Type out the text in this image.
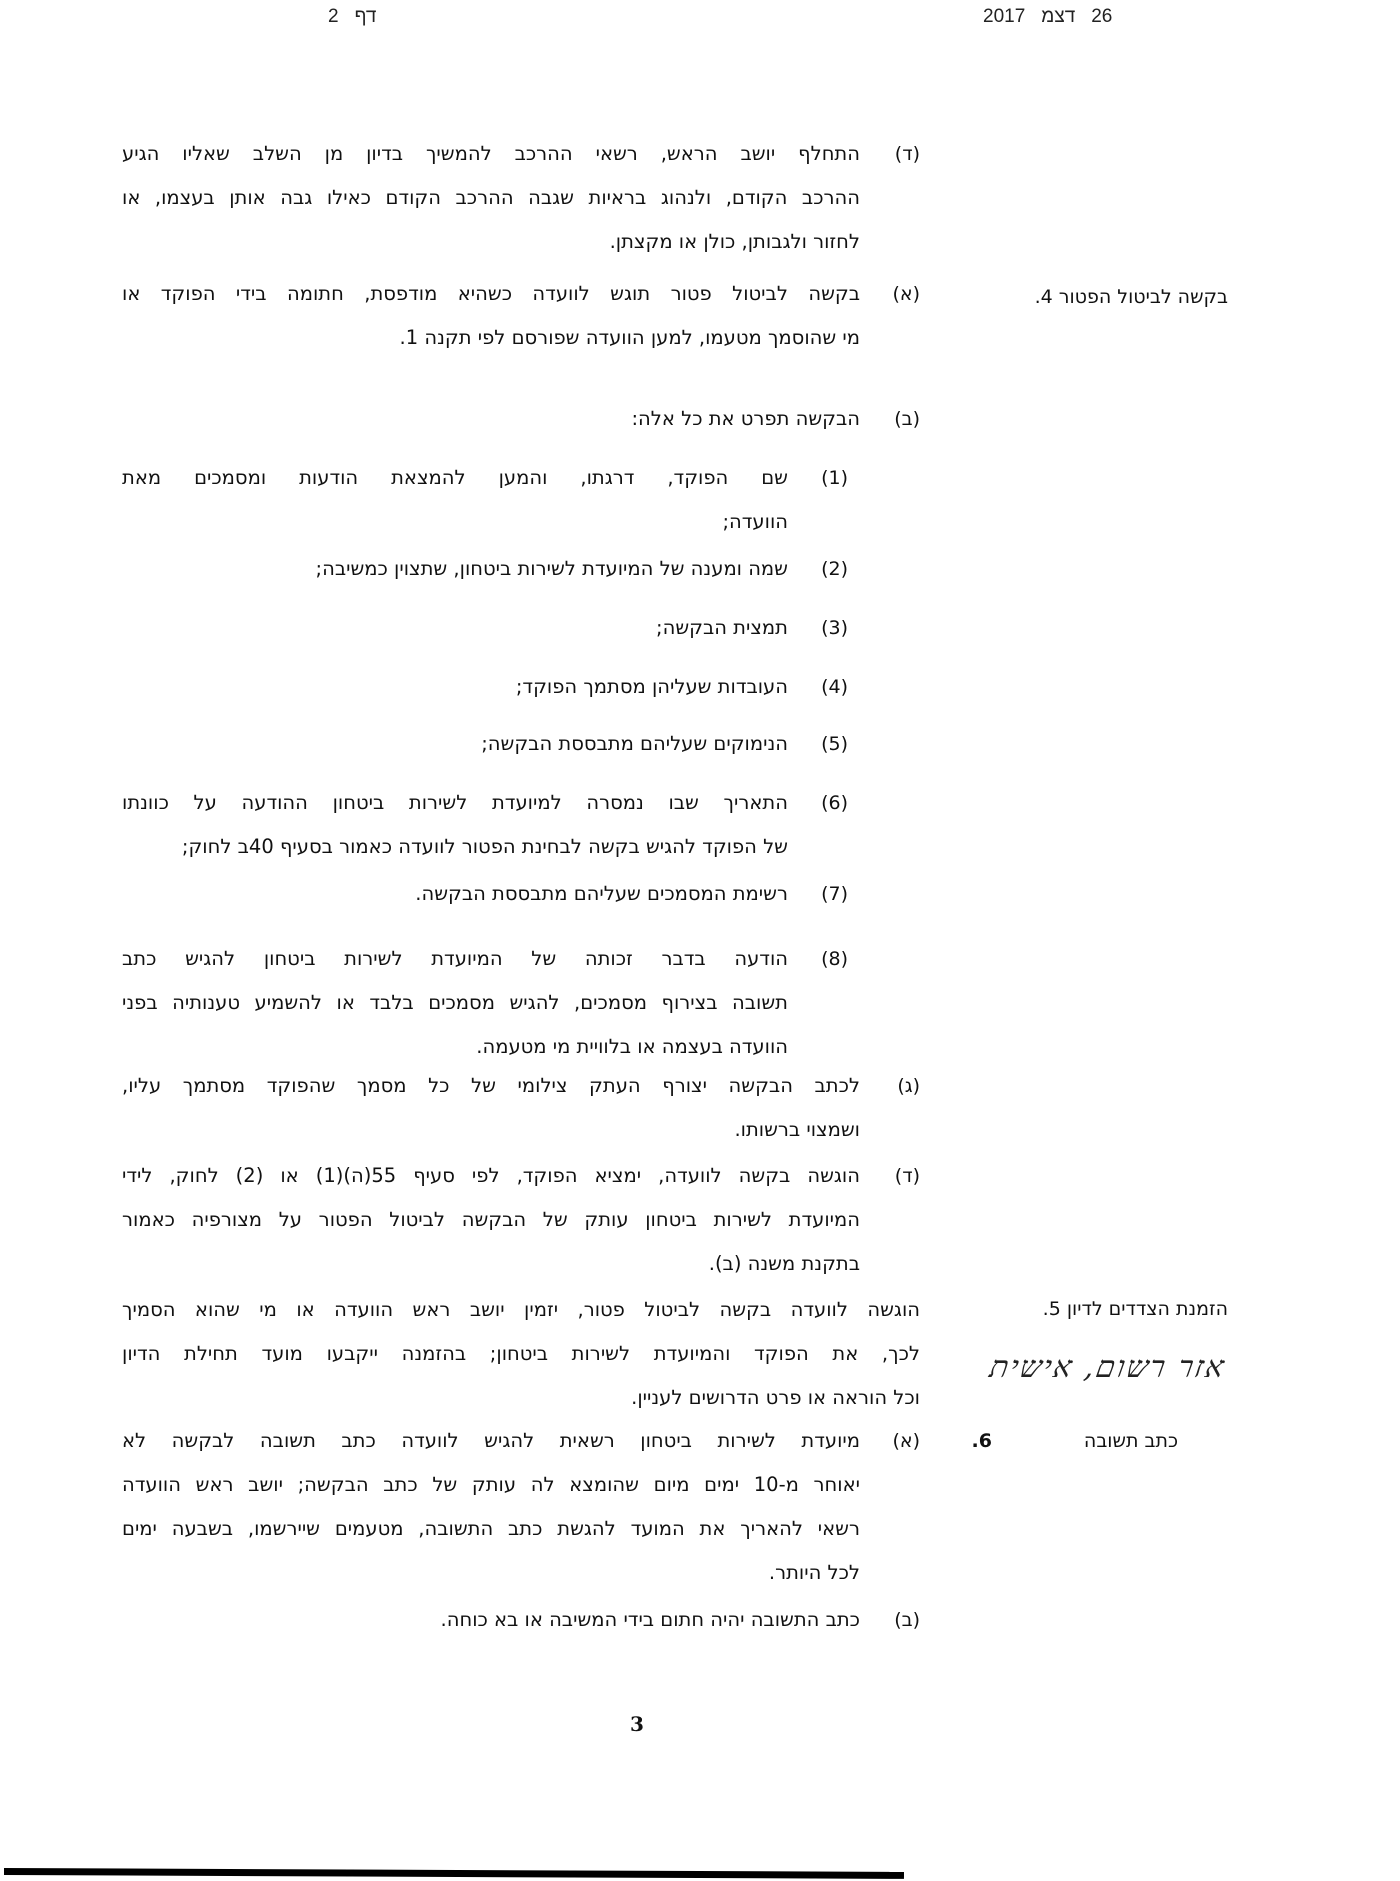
26דצמ2017
דף2
(ד)
התחלף יושב הראש, רשאי ההרכב להמשיך בדיון מן השלב שאליו הגיע
ההרכב הקודם, ולנהוג בראיות שגבה ההרכב הקודם כאילו גבה אותן בעצמו, או
לחזור ולגבותן, כולן או מקצתן.
בקשה לביטול הפטור 4.
(א)
בקשה לביטול פטור תוגש לוועדה כשהיא מודפסת, חתומה בידי הפוקד או
מי שהוסמך מטעמו, למען הוועדה שפורסם לפי תקנה 1.
(ב)
הבקשה תפרט את כל אלה:
(1)
שם הפוקד, דרגתו, והמען להמצאת הודעות ומסמכים מאת
הוועדה;
(2)
שמה ומענה של המיועדת לשירות ביטחון, שתצוין כמשיבה;
(3)
תמצית הבקשה;
(4)
העובדות שעליהן מסתמך הפוקד;
(5)
הנימוקים שעליהם מתבססת הבקשה;
(6)
התאריך שבו נמסרה למיועדת לשירות ביטחון ההודעה על כוונתו
של הפוקד להגיש בקשה לבחינת הפטור לוועדה כאמור בסעיף 40ב לחוק;
(7)
רשימת המסמכים שעליהם מתבססת הבקשה.
(8)
הודעה בדבר זכותה של המיועדת לשירות ביטחון להגיש כתב
תשובה בצירוף מסמכים, להגיש מסמכים בלבד או להשמיע טענותיה בפני
הוועדה בעצמה או בלוויית מי מטעמה.
(ג)
לכתב הבקשה יצורף העתק צילומי של כל מסמך שהפוקד מסתמך עליו,
ושמצוי ברשותו.
(ד)
הוגשה בקשה לוועדה, ימציא הפוקד, לפי סעיף 55(ה)(1) או (2) לחוק, לידי
המיועדת לשירות ביטחון עותק של הבקשה לביטול הפטור על מצורפיה כאמור
בתקנת משנה (ב).
הזמנת הצדדים לדיון 5.
אזר רשום, אישית
הוגשה לוועדה בקשה לביטול פטור, יזמין יושב ראש הוועדה או מי שהוא הסמיך
לכך, את הפוקד והמיועדת לשירות ביטחון; בהזמנה ייקבעו מועד תחילת הדיון
וכל הוראה או פרט הדרושים לעניין.
כתב תשובה
6.
(א)
מיועדת לשירות ביטחון רשאית להגיש לוועדה כתב תשובה לבקשה לא
יאוחר מ-10 ימים מיום שהומצא לה עותק של כתב הבקשה; יושב ראש הוועדה
רשאי להאריך את המועד להגשת כתב התשובה, מטעמים שיירשמו, בשבעה ימים
לכל היותר.
(ב)
כתב התשובה יהיה חתום בידי המשיבה או בא כוחה.
3
